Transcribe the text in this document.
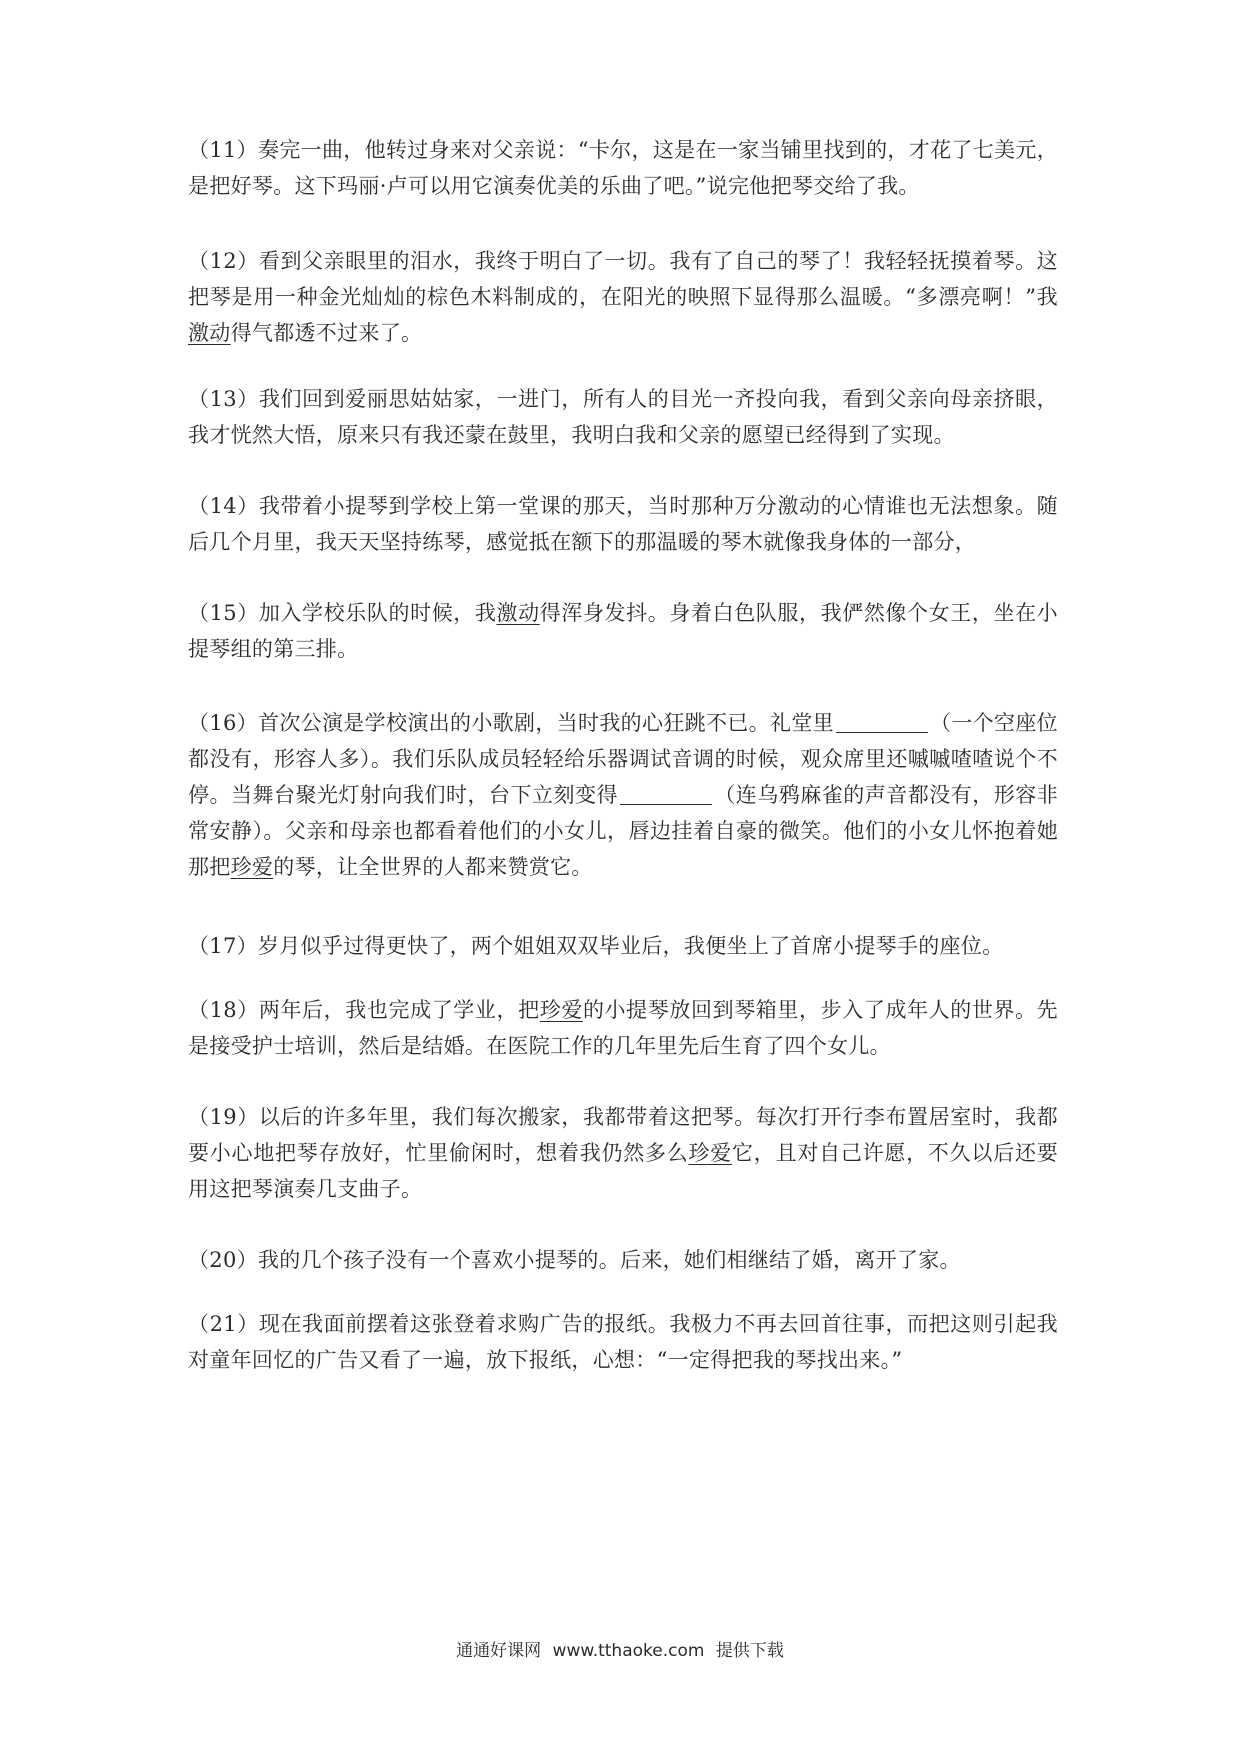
（11）奏完一曲，他转过身来对父亲说：“卡尔，这是在一家当铺里找到的，才花了七美元，是把好琴。这下玛丽·卢可以用它演奏优美的乐曲了吧。”说完他把琴交给了我。

（12）看到父亲眼里的泪水，我终于明白了一切。我有了自己的琴了！我轻轻抚摸着琴。这把琴是用一种金光灿灿的棕色木料制成的，在阳光的映照下显得那么温暖。“多漂亮啊！”我激动得气都透不过来了。

（13）我们回到爱丽思姑姑家，一进门，所有人的目光一齐投向我，看到父亲向母亲挤眼，我才恍然大悟，原来只有我还蒙在鼓里，我明白我和父亲的愿望已经得到了实现。

（14）我带着小提琴到学校上第一堂课的那天，当时那种万分激动的心情谁也无法想象。随后几个月里，我天天坚持练琴，感觉抵在额下的那温暖的琴木就像我身体的一部分，

（15）加入学校乐队的时候，我激动得浑身发抖。身着白色队服，我俨然像个女王，坐在小提琴组的第三排。

（16）首次公演是学校演出的小歌剧，当时我的心狂跳不已。礼堂里	（一个空座位都没有，形容人多）。我们乐队成员轻轻给乐器调试音调的时候，观众席里还嘁嘁喳喳说个不停。当舞台聚光灯射向我们时，台下立刻变得	（连乌鸦麻雀的声音都没有，形容非常安静）。父亲和母亲也都看着他们的小女儿，唇边挂着自豪的微笑。他们的小女儿怀抱着她那把珍爱的琴，让全世界的人都来赞赏它。

（17）岁月似乎过得更快了，两个姐姐双双毕业后，我便坐上了首席小提琴手的座位。

（18）两年后，我也完成了学业，把珍爱的小提琴放回到琴箱里，步入了成年人的世界。先是接受护士培训，然后是结婚。在医院工作的几年里先后生育了四个女儿。

（19）以后的许多年里，我们每次搬家，我都带着这把琴。每次打开行李布置居室时，我都要小心地把琴存放好，忙里偷闲时，想着我仍然多么珍爱它，且对自己许愿，不久以后还要用这把琴演奏几支曲子。

（20）我的几个孩子没有一个喜欢小提琴的。后来，她们相继结了婚，离开了家。

（21）现在我面前摆着这张登着求购广告的报纸。我极力不再去回首往事，而把这则引起我对童年回忆的广告又看了一遍，放下报纸，心想：“一定得把我的琴找出来。”

通通好课网 www.tthaoke.com 提供下载
